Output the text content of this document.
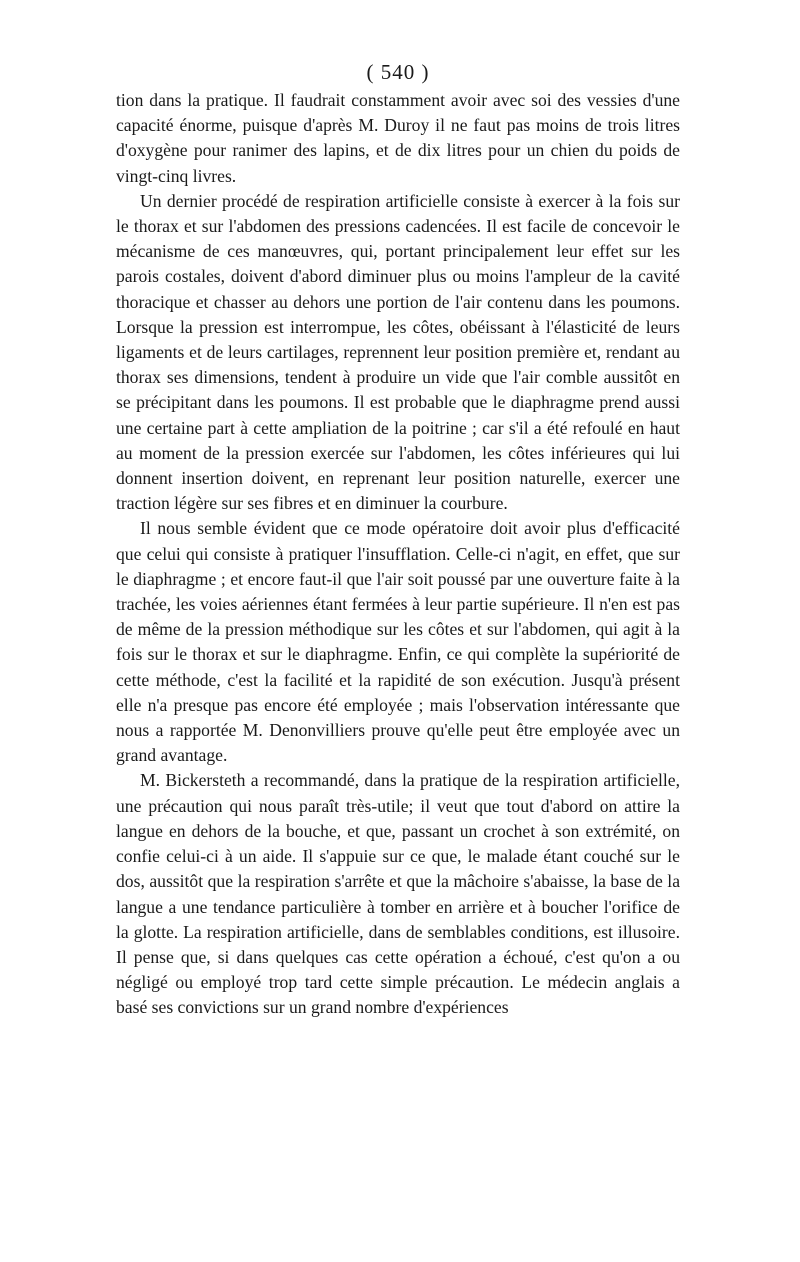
( 540 )

tion dans la pratique. Il faudrait constamment avoir avec soi des vessies d'une capacité énorme, puisque d'après M. Duroy il ne faut pas moins de trois litres d'oxygène pour ranimer des lapins, et de dix litres pour un chien du poids de vingt-cinq livres.

Un dernier procédé de respiration artificielle consiste à exercer à la fois sur le thorax et sur l'abdomen des pressions cadencées. Il est facile de concevoir le mécanisme de ces manœuvres, qui, portant principalement leur effet sur les parois costales, doivent d'abord diminuer plus ou moins l'ampleur de la cavité thoracique et chasser au dehors une portion de l'air contenu dans les poumons. Lorsque la pression est interrompue, les côtes, obéissant à l'élasticité de leurs ligaments et de leurs cartilages, reprennent leur position première et, rendant au thorax ses dimensions, tendent à produire un vide que l'air comble aussitôt en se précipitant dans les poumons. Il est probable que le diaphragme prend aussi une certaine part à cette ampliation de la poitrine ; car s'il a été refoulé en haut au moment de la pression exercée sur l'abdomen, les côtes inférieures qui lui donnent insertion doivent, en reprenant leur position naturelle, exercer une traction légère sur ses fibres et en diminuer la courbure.

Il nous semble évident que ce mode opératoire doit avoir plus d'efficacité que celui qui consiste à pratiquer l'insufflation. Celle-ci n'agit, en effet, que sur le diaphragme ; et encore faut-il que l'air soit poussé par une ouverture faite à la trachée, les voies aériennes étant fermées à leur partie supérieure. Il n'en est pas de même de la pression méthodique sur les côtes et sur l'abdomen, qui agit à la fois sur le thorax et sur le diaphragme. Enfin, ce qui complète la supériorité de cette méthode, c'est la facilité et la rapidité de son exécution. Jusqu'à présent elle n'a presque pas encore été employée ; mais l'observation intéressante que nous a rapportée M. Denonvilliers prouve qu'elle peut être employée avec un grand avantage.

M. Bickersteth a recommandé, dans la pratique de la respiration artificielle, une précaution qui nous paraît très-utile; il veut que tout d'abord on attire la langue en dehors de la bouche, et que, passant un crochet à son extrémité, on confie celui-ci à un aide. Il s'appuie sur ce que, le malade étant couché sur le dos, aussitôt que la respiration s'arrête et que la mâchoire s'abaisse, la base de la langue a une tendance particulière à tomber en arrière et à boucher l'orifice de la glotte. La respiration artificielle, dans de semblables conditions, est illusoire. Il pense que, si dans quelques cas cette opération a échoué, c'est qu'on a ou négligé ou employé trop tard cette simple précaution. Le médecin anglais a basé ses convictions sur un grand nombre d'expériences
